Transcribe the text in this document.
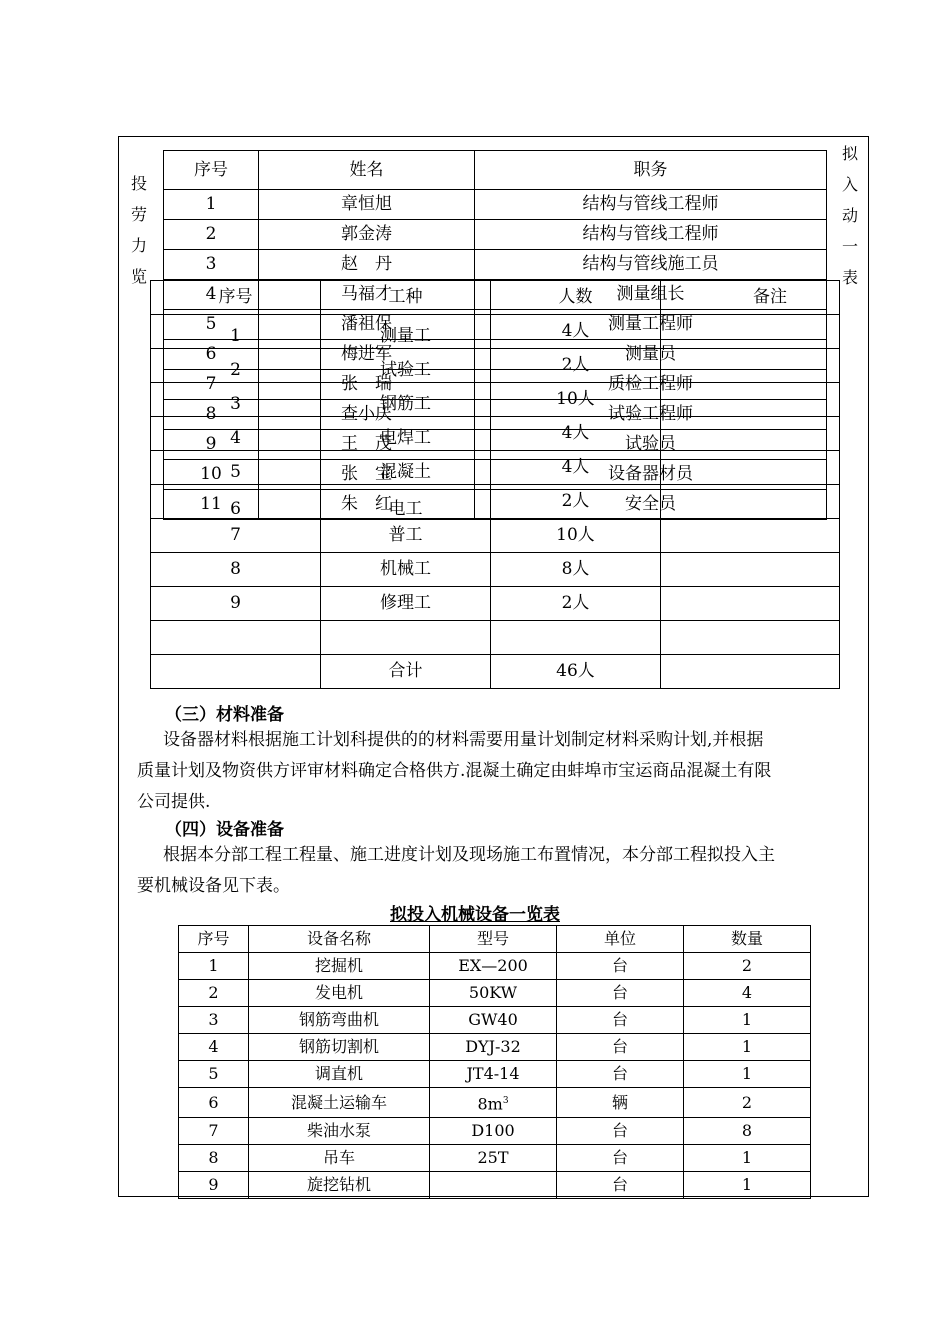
投
劳
力
览
拟
入
动
一
表
序号	姓名	职务
1	章恒旭	结构与管线工程师
2	郭金涛	结构与管线工程师
3	赵　丹	结构与管线施工员
4	马福才	测量组长
5	潘祖保	测量工程师
6	梅进军	测量员
7	张　瑞	质检工程师
8	查小庆	试验工程师
9	王　茂	试验员
10	张　宝	设备器材员
11	朱　红	安全员
序号	工种	人数	备注
1	测量工	4人	
2	试验工	2人	
3	钢筋工	10人	
4	电焊工	4人	
5	混凝土	4人	
6	电工	2人	
7	普工	10人	
8	机械工	8人	
9	修理工	2人	

	合计	46人	
（三）材料准备
设备器材料根据施工计划科提供的的材料需要用量计划制定材料采购计划,并根据
质量计划及物资供方评审材料确定合格供方.混凝土确定由蚌埠市宝运商品混凝土有限
公司提供.
（四）设备准备
根据本分部工程工程量、施工进度计划及现场施工布置情况，本分部工程拟投入主
要机械设备见下表。
拟投入机械设备一览表
序号	设备名称	型号	单位	数量
1	挖掘机	EX—200	台	2
2	发电机	50KW	台	4
3	钢筋弯曲机	GW40	台	1
4	钢筋切割机	DYJ-32	台	1
5	调直机	JT4-14	台	1
6	混凝土运输车	$8m^3$	辆	2
7	柴油水泵	D100	台	8
8	吊车	25T	台	1
9	旋挖钻机		台	1
